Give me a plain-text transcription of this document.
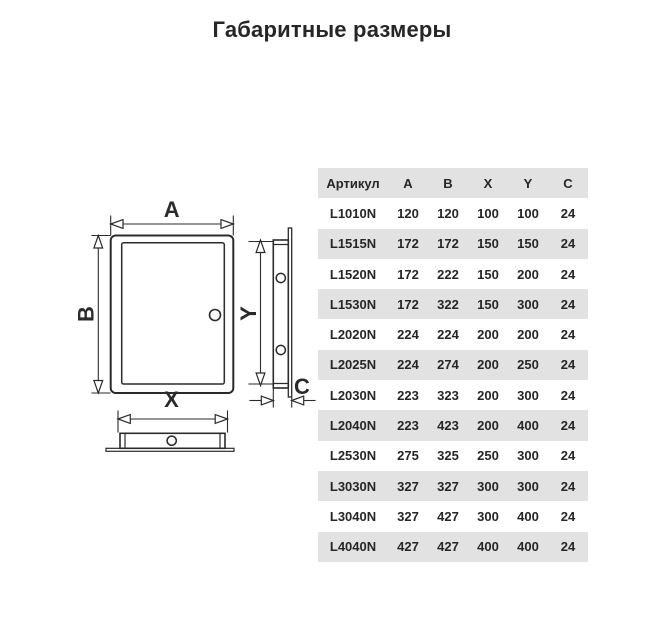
Габаритные размеры
A
B	Y
C
X
Артикул	A	B	X	Y	C
L1010N	120	120	100	100	24
L1515N	172	172	150	150	24
L1520N	172	222	150	200	24
L1530N	172	322	150	300	24
L2020N	224	224	200	200	24
L2025N	224	274	200	250	24
L2030N	223	323	200	300	24
L2040N	223	423	200	400	24
L2530N	275	325	250	300	24
L3030N	327	327	300	300	24
L3040N	327	427	300	400	24
L4040N	427	427	400	400	24
